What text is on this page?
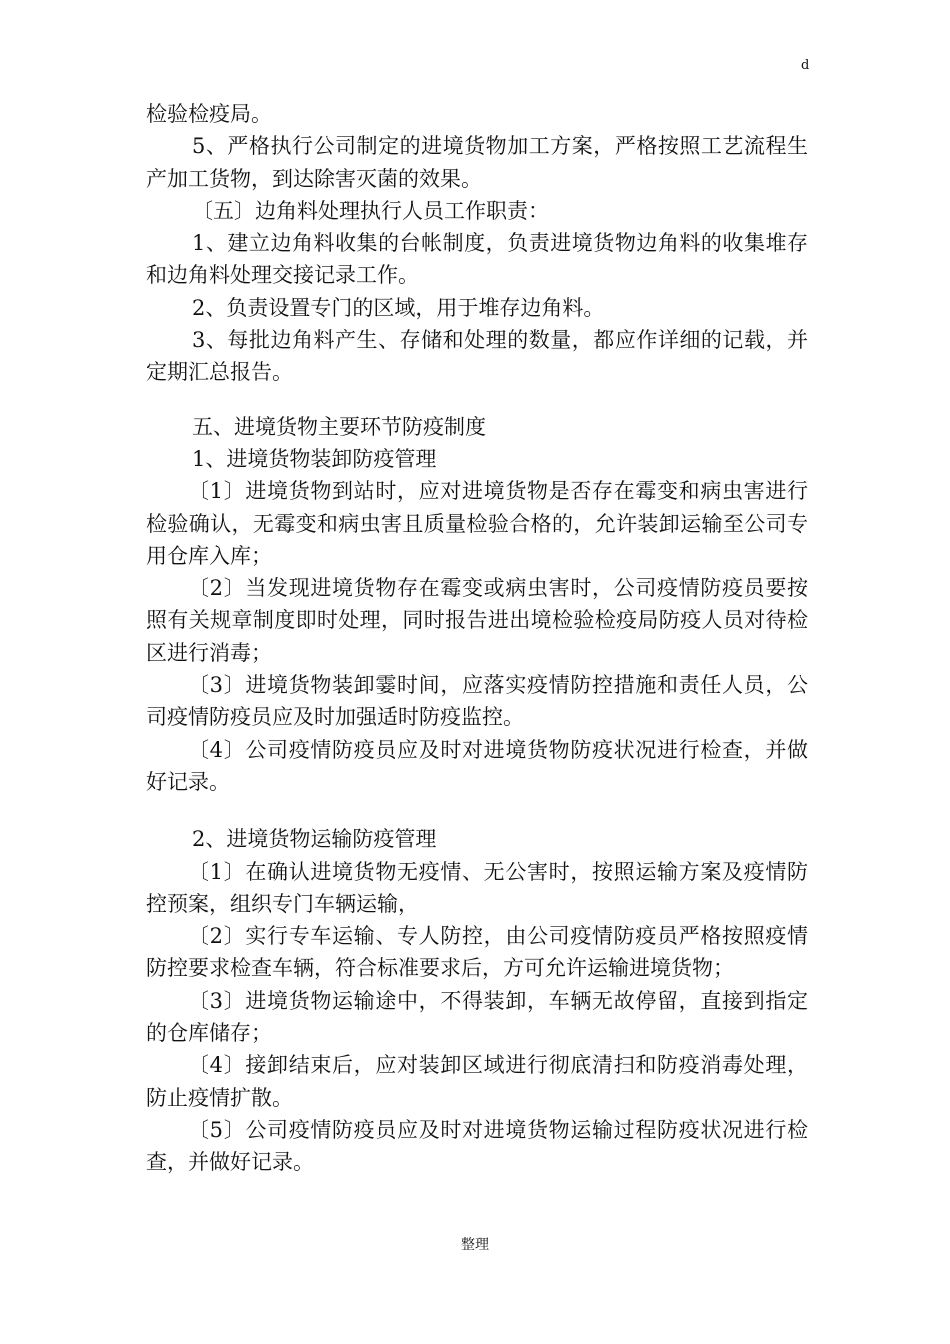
d

检验检疫局。

5、严格执行公司制定的进境货物加工方案，严格按照工艺流程生产加工货物，到达除害灭菌的效果。

〔五〕边角料处理执行人员工作职责：

1、建立边角料收集的台帐制度，负责进境货物边角料的收集堆存和边角料处理交接记录工作。

2、负责设置专门的区域，用于堆存边角料。

3、每批边角料产生、存储和处理的数量，都应作详细的记载，并定期汇总报告。

五、进境货物主要环节防疫制度

1、进境货物装卸防疫管理

〔1〕进境货物到站时，应对进境货物是否存在霉变和病虫害进行检验确认，无霉变和病虫害且质量检验合格的，允许装卸运输至公司专用仓库入库；

〔2〕当发现进境货物存在霉变或病虫害时，公司疫情防疫员要按照有关规章制度即时处理，同时报告进出境检验检疫局防疫人员对待检区进行消毒；

〔3〕进境货物装卸霎时间，应落实疫情防控措施和责任人员，公司疫情防疫员应及时加强适时防疫监控。

〔4〕公司疫情防疫员应及时对进境货物防疫状况进行检查，并做好记录。

2、进境货物运输防疫管理

〔1〕在确认进境货物无疫情、无公害时，按照运输方案及疫情防控预案，组织专门车辆运输，

〔2〕实行专车运输、专人防控，由公司疫情防疫员严格按照疫情防控要求检查车辆，符合标准要求后，方可允许运输进境货物；

〔3〕进境货物运输途中，不得装卸，车辆无故停留，直接到指定的仓库储存；

〔4〕接卸结束后，应对装卸区域进行彻底清扫和防疫消毒处理，防止疫情扩散。

〔5〕公司疫情防疫员应及时对进境货物运输过程防疫状况进行检查，并做好记录。

整理
